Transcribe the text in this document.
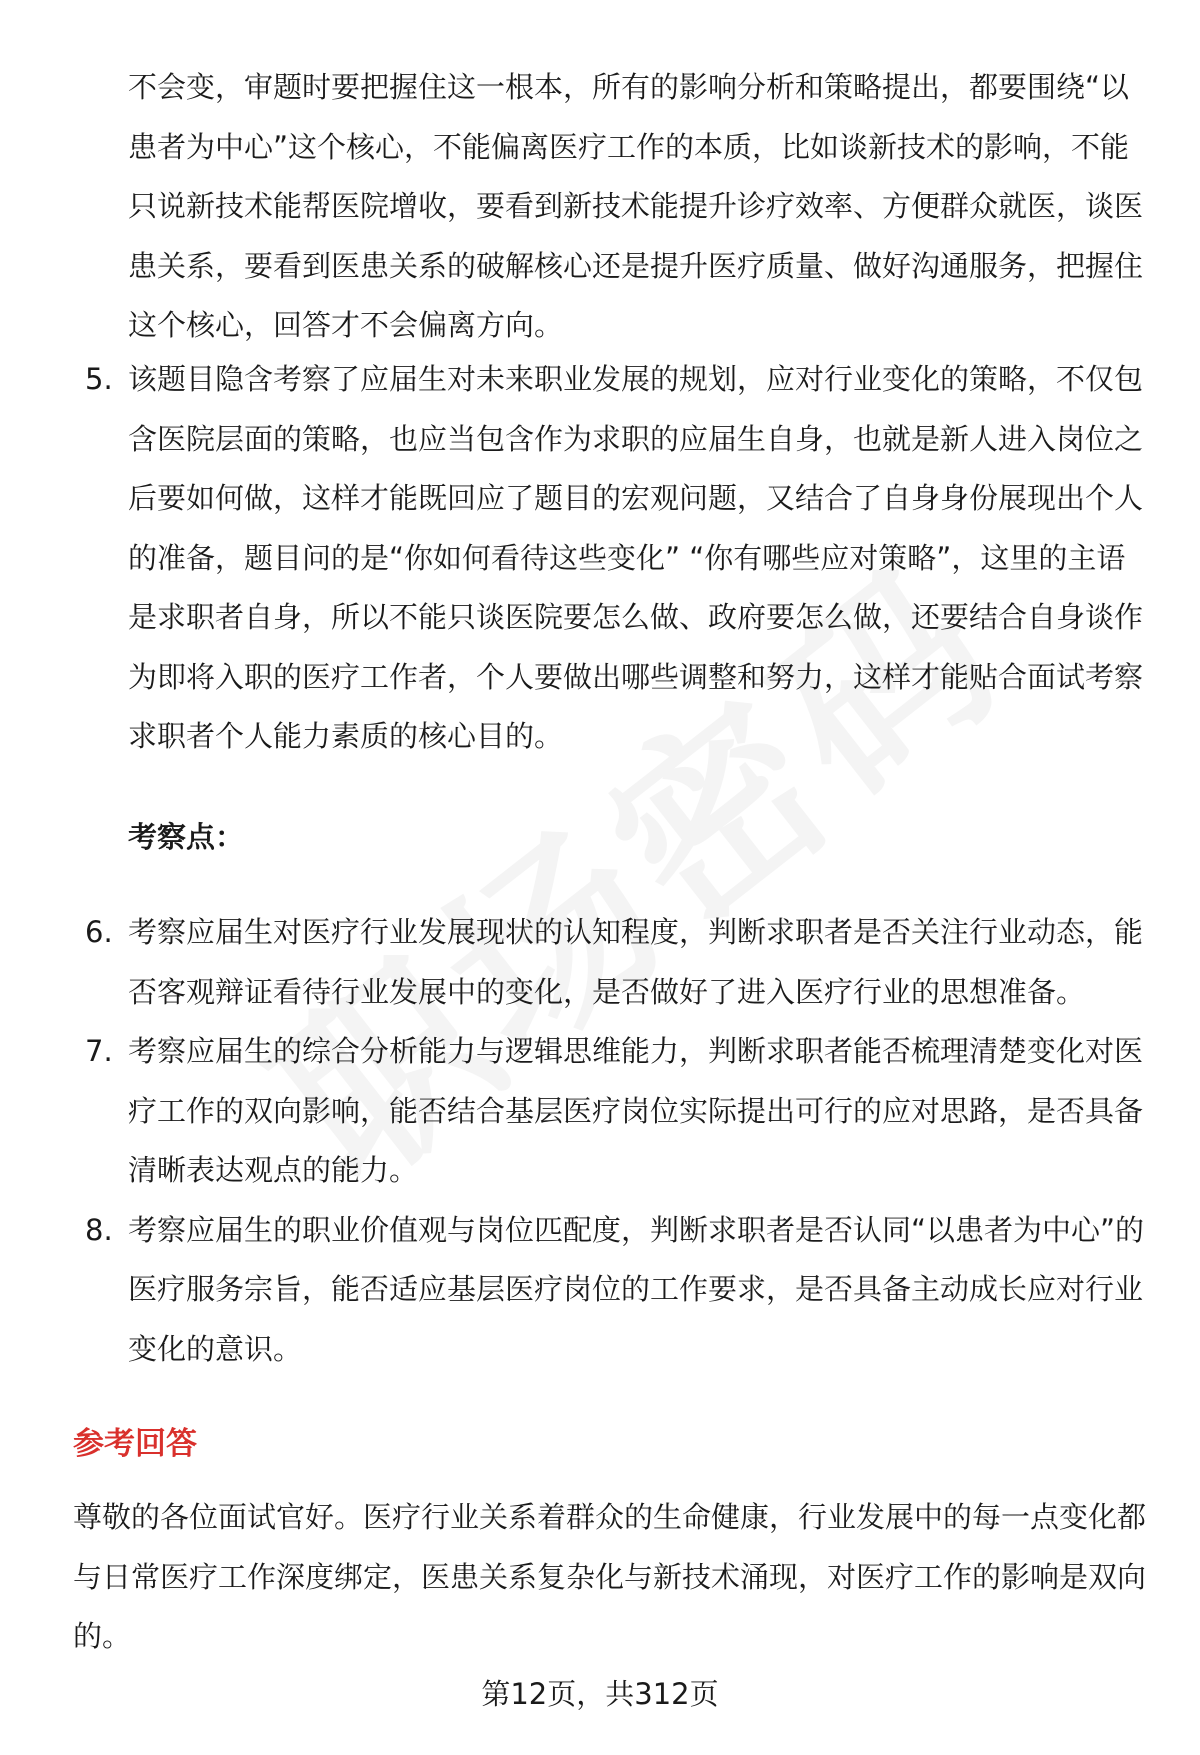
不会变，审题时要把握住这一根本，所有的影响分析和策略提出，都要围绕“以患者为中心”这个核心，不能偏离医疗工作的本质，比如谈新技术的影响，不能只说新技术能帮医院增收，要看到新技术能提升诊疗效率、方便群众就医，谈医患关系，要看到医患关系的破解核心还是提升医疗质量、做好沟通服务，把握住这个核心，回答才不会偏离方向。

5. 该题目隐含考察了应届生对未来职业发展的规划，应对行业变化的策略，不仅包含医院层面的策略，也应当包含作为求职的应届生自身，也就是新人进入岗位之后要如何做，这样才能既回应了题目的宏观问题，又结合了自身身份展现出个人的准备，题目问的是“你如何看待这些变化” “你有哪些应对策略”，这里的主语是求职者自身，所以不能只谈医院要怎么做、政府要怎么做，还要结合自身谈作为即将入职的医疗工作者，个人要做出哪些调整和努力，这样才能贴合面试考察求职者个人能力素质的核心目的。

考察点：

6. 考察应届生对医疗行业发展现状的认知程度，判断求职者是否关注行业动态，能否客观辩证看待行业发展中的变化，是否做好了进入医疗行业的思想准备。
7. 考察应届生的综合分析能力与逻辑思维能力，判断求职者能否梳理清楚变化对医疗工作的双向影响，能否结合基层医疗岗位实际提出可行的应对思路，是否具备清晰表达观点的能力。
8. 考察应届生的职业价值观与岗位匹配度，判断求职者是否认同“以患者为中心”的医疗服务宗旨，能否适应基层医疗岗位的工作要求，是否具备主动成长应对行业变化的意识。
参考回答

尊敬的各位面试官好。医疗行业关系着群众的生命健康，行业发展中的每一点变化都与日常医疗工作深度绑定，医患关系复杂化与新技术涌现，对医疗工作的影响是双向的。

第12页，共312页
